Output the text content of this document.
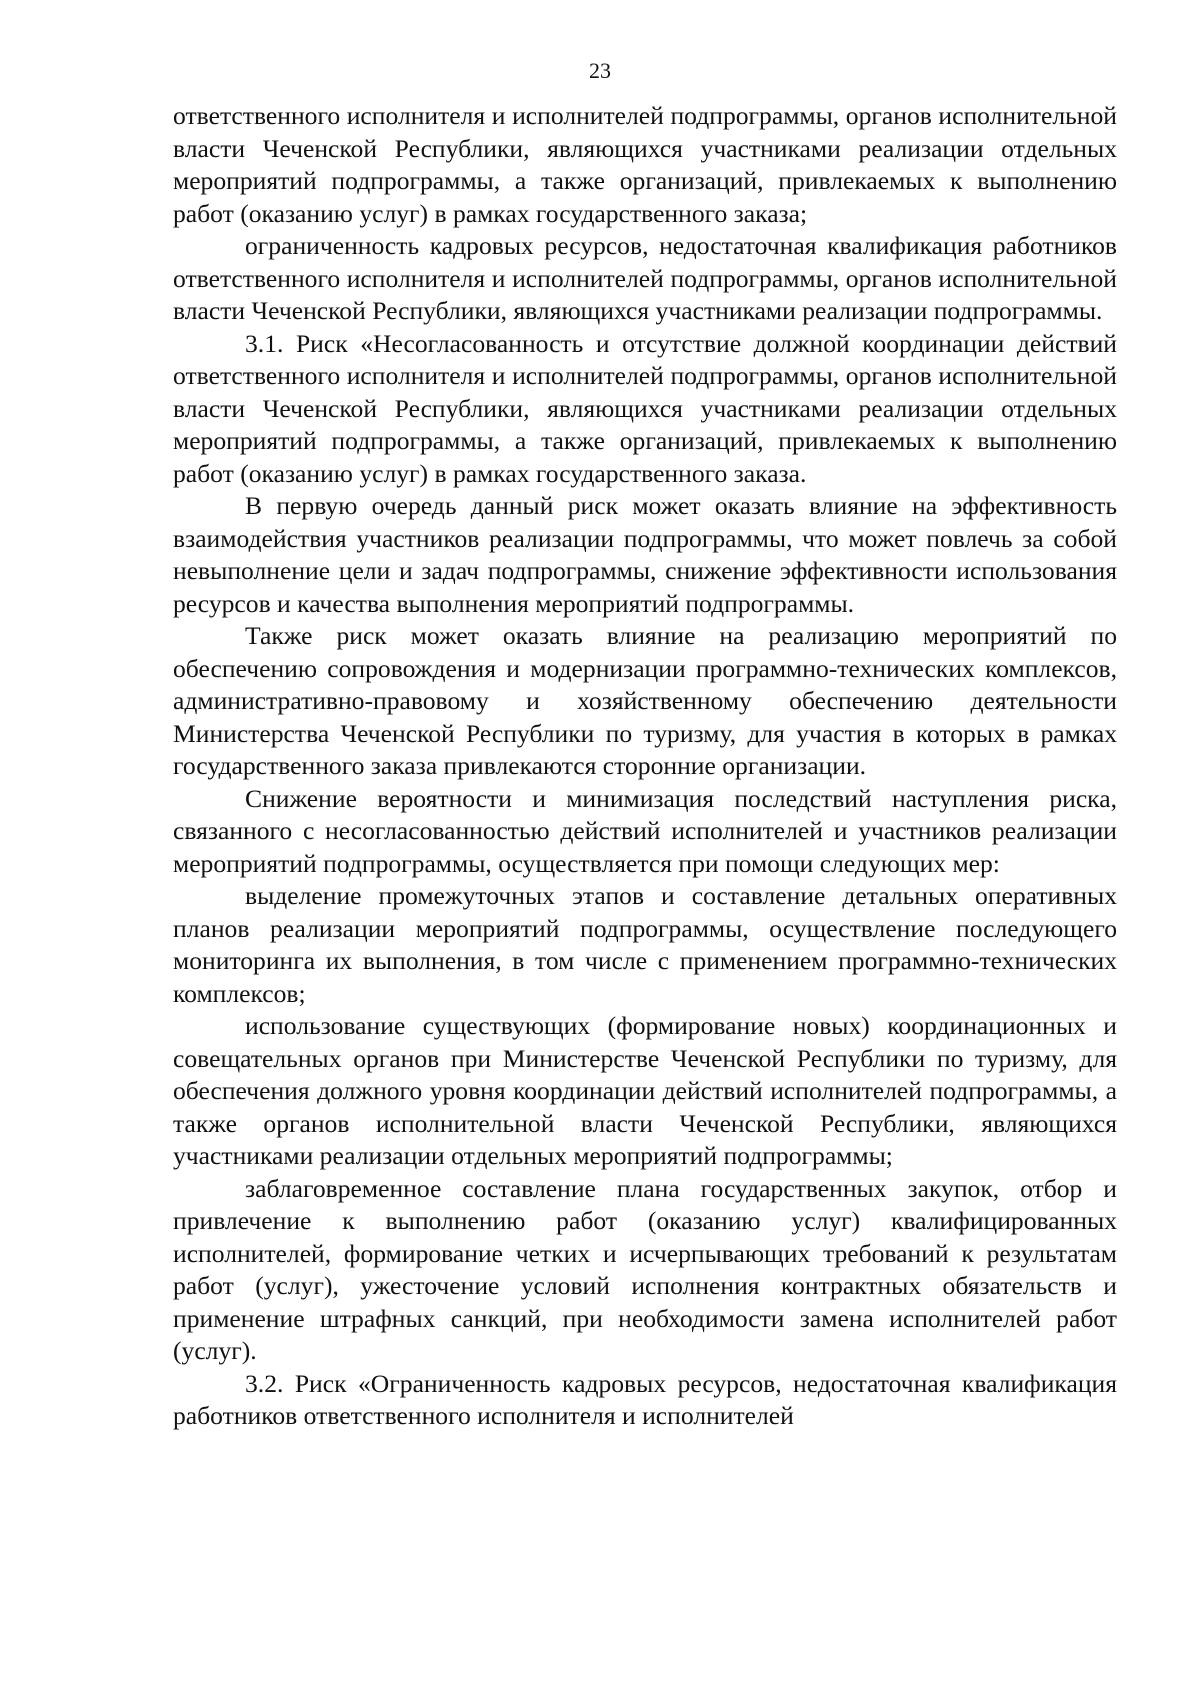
23

ответственного исполнителя и исполнителей подпрограммы, органов исполнительной власти Чеченской Республики, являющихся участниками реализации отдельных мероприятий подпрограммы, а также организаций, привлекаемых к выполнению работ (оказанию услуг) в рамках государственного заказа;

ограниченность кадровых ресурсов, недостаточная квалификация работников ответственного исполнителя и исполнителей подпрограммы, органов исполнительной власти Чеченской Республики, являющихся участниками реализации подпрограммы.

3.1. Риск «Несогласованность и отсутствие должной координации действий ответственного исполнителя и исполнителей подпрограммы, органов исполнительной власти Чеченской Республики, являющихся участниками реализации отдельных мероприятий подпрограммы, а также организаций, привлекаемых к выполнению работ (оказанию услуг) в рамках государственного заказа.

В первую очередь данный риск может оказать влияние на эффективность взаимодействия участников реализации подпрограммы, что может повлечь за собой невыполнение цели и задач подпрограммы, снижение эффективности использования ресурсов и качества выполнения мероприятий подпрограммы.

Также риск может оказать влияние на реализацию мероприятий по обеспечению сопровождения и модернизации программно-технических комплексов, административно-правовому и хозяйственному обеспечению деятельности Министерства Чеченской Республики по туризму, для участия в которых в рамках государственного заказа привлекаются сторонние организации.

Снижение вероятности и минимизация последствий наступления риска, связанного с несогласованностью действий исполнителей и участников реализации мероприятий подпрограммы, осуществляется при помощи следующих мер:

выделение промежуточных этапов и составление детальных оперативных планов реализации мероприятий подпрограммы, осуществление последующего мониторинга их выполнения, в том числе с применением программно-технических комплексов;

использование существующих (формирование новых) координационных и совещательных органов при Министерстве Чеченской Республики по туризму, для обеспечения должного уровня координации действий исполнителей подпрограммы, а также органов исполнительной власти Чеченской Республики, являющихся участниками реализации отдельных мероприятий подпрограммы;

заблаговременное составление плана государственных закупок, отбор и привлечение к выполнению работ (оказанию услуг) квалифицированных исполнителей, формирование четких и исчерпывающих требований к результатам работ (услуг), ужесточение условий исполнения контрактных обязательств и применение штрафных санкций, при необходимости замена исполнителей работ (услуг).

3.2. Риск «Ограниченность кадровых ресурсов, недостаточная квалификация работников ответственного исполнителя и исполнителей
